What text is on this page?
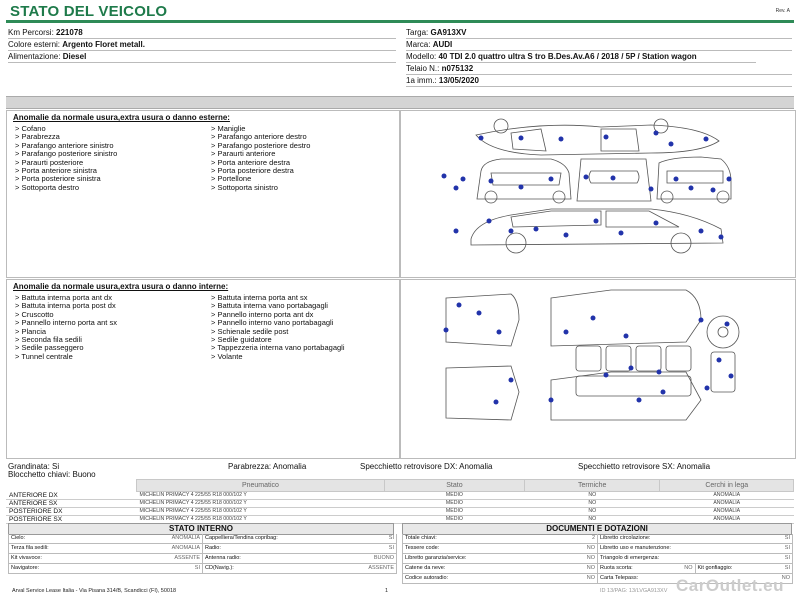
STATO DEL VEICOLO	Rev. A
Km Percorsi: 221078
Colore esterni: Argento Floret metall.
Alimentazione: Diesel
Targa: GA913XV
Marca: AUDI
Modello: 40 TDI 2.0 quattro ultra S tro B.Des.Av.A6 / 2018 / 5P / Station wagon
Telaio N.: n075132
1a imm.: 13/05/2020
Anomalie da normale usura,extra usura o danno esterne:
> Cofano
> Parabrezza
> Parafango anteriore sinistro
> Parafango posteriore sinistro
> Paraurti posteriore
> Porta anteriore sinistra
> Porta posteriore sinistra
> Sottoporta destro
> Maniglie
> Parafango anteriore destro
> Parafango posteriore destro
> Paraurti anteriore
> Porta anteriore destra
> Porta posteriore destra
> Portellone
> Sottoporta sinistro
Anomalie da normale usura,extra usura o danno interne:
> Battuta interna porta ant dx
> Battuta interna porta post dx
> Cruscotto
> Pannello interno porta ant sx
> Plancia
> Seconda fila sedili
> Sedile passeggero
> Tunnel centrale
> Battuta interna porta ant sx
> Battuta interna vano portabagagli
> Pannello interno porta ant dx
> Pannello interno vano portabagagli
> Schienale sedile post
> Sedile guidatore
> Tappezzeria interna vano portabagagli
> Volante
Grandinata: Si
Blocchetto chiavi: Buono
Parabrezza: Anomalia	Specchietto retrovisore DX: Anomalia	Specchietto retrovisore SX: Anomalia
	Pneumatico	Stato	Termiche	Cerchi in lega
ANTERIORE DX	MICHELIN PRIMACY 4 225/55 R18 000/102 Y	MEDIO	NO	ANOMALIA
ANTERIORE SX	MICHELIN PRIMACY 4 225/55 R18 000/102 Y	MEDIO	NO	ANOMALIA
POSTERIORE DX	MICHELIN PRIMACY 4 225/55 R18 000/102 Y	MEDIO	NO	ANOMALIA
POSTERIORE SX	MICHELIN PRIMACY 4 225/55 R18 000/102 Y	MEDIO	NO	ANOMALIA
STATO INTERNO
Cielo:	ANOMALIA Cappelliera/Tendina copribag:	SI
Terza fila sedili:	ANOMALIA Radio:	SI
Kit vivavoce:	ASSENTE Antenna radio:	BUONO
Navigatore:	SI CD(Navig.):	ASSENTE
DOCUMENTI E DOTAZIONI
Totale chiavi:	2 Libretto circolazione:	SI
Tessere code:	NO Libretto uso e manutenzione:	SI
Libretto garanzia/service:	NO Triangolo di emergenza:	SI
Catene da neve:	NO Ruota scorta:	NO Kit gonfiaggio:	SI
Codice autoradio:	NO Carta Telepass:	NO
Arval Service Lease Italia - Via Pisana 314/B, Scandicci (FI), 50018	1	ID 13/PAG: 13/LVGA913XV CarOutlet.eu
